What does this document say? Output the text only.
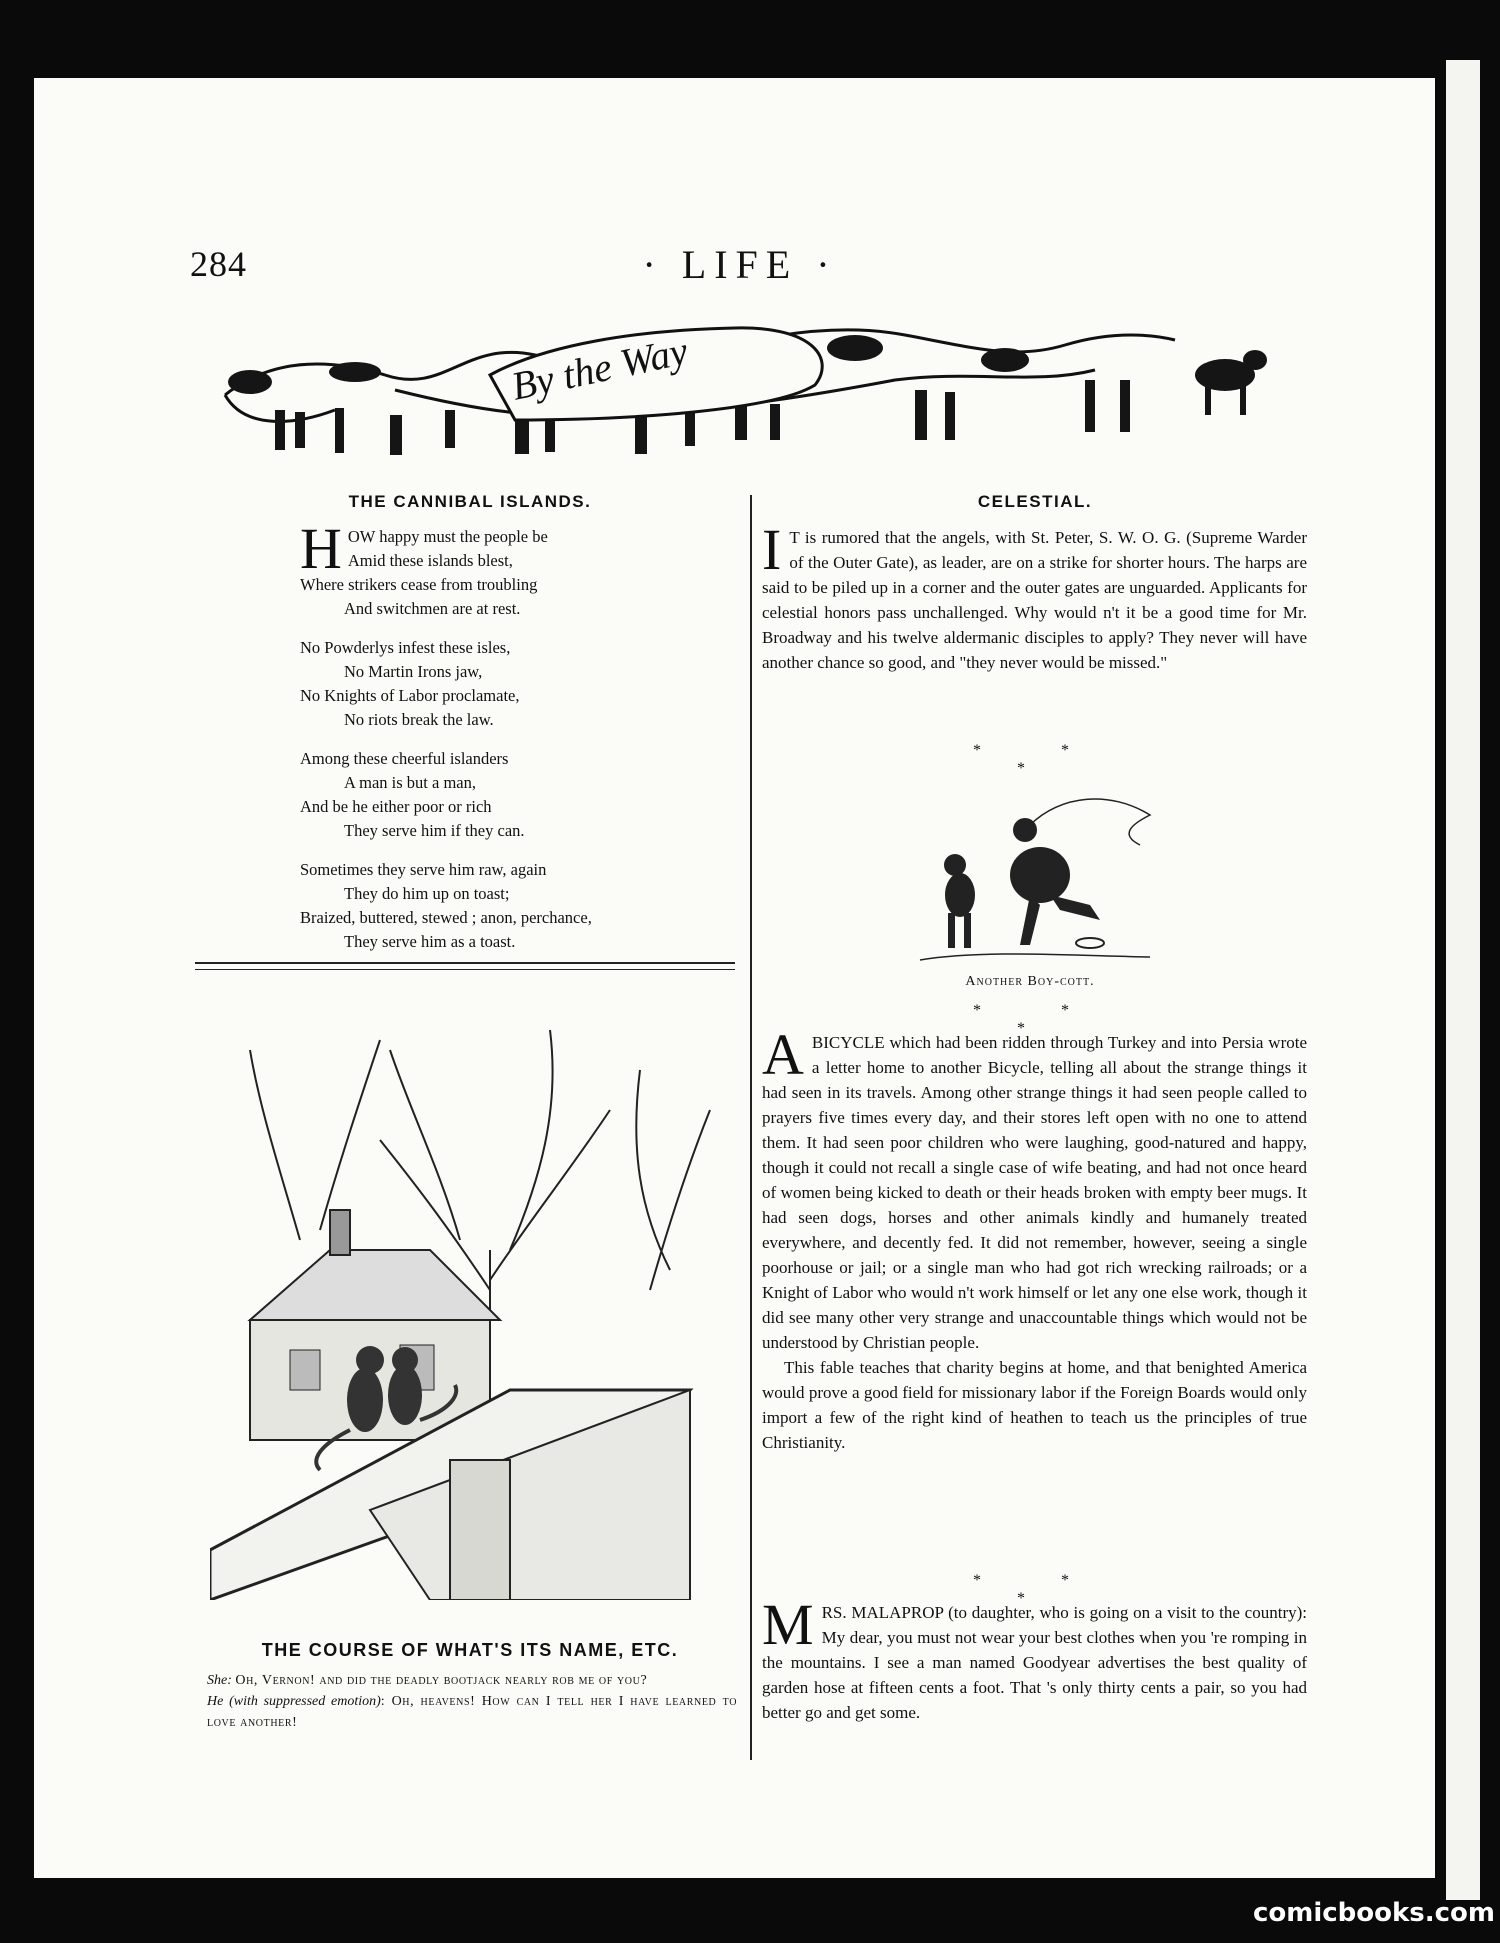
284	· LIFE ·
By the Way
THE CANNIBAL ISLANDS.
H OW happy must the people be
Amid these islands blest,
Where strikers cease from troubling
And switchmen are at rest.
No Powderlys infest these isles,
No Martin Irons jaw,
No Knights of Labor proclamate,
No riots break the law.
Among these cheerful islanders
A man is but a man,
And be he either poor or rich
They serve him if they can.
Sometimes they serve him raw, again
They do him up on toast;
Braized, buttered, stewed ; anon, perchance,
They serve him as a toast.
THE COURSE OF WHAT'S ITS NAME, ETC.
She: Oh, Vernon! and did the deadly bootjack nearly rob me of you?
He (with suppressed emotion): Oh, heavens! How can I tell her I have learned to love another!
CELESTIAL.

I T is rumored that the angels, with St. Peter, S. W. O. G. (Supreme Warder of the Outer Gate), as leader, are on a strike for shorter hours. The harps are said to be piled up in a corner and the outer gates are unguarded. Applicants for celestial honors pass unchallenged. Why would n't it be a good time for Mr. Broadway and his twelve aldermanic disciples to apply? They never will have another chance so good, and "they never would be missed."

* * *
Another Boy-cott.
* * *

ABICYCLE which had been ridden through Turkey and into Persia wrote a letter home to another Bicycle, telling all about the strange things it had seen in its travels. Among other strange things it had seen people called to prayers five times every day, and their stores left open with no one to attend them. It had seen poor children who were laughing, good-natured and happy, though it could not recall a single case of wife beating, and had not once heard of women being kicked to death or their heads broken with empty beer mugs. It had seen dogs, horses and other animals kindly and humanely treated everywhere, and decently fed. It did not remember, however, seeing a single poorhouse or jail; or a single man who had got rich wrecking railroads; or a Knight of Labor who would n't work himself or let any one else work, though it did see many other very strange and unaccountable things which would not be understood by Christian people.

This fable teaches that charity begins at home, and that benighted America would prove a good field for missionary labor if the Foreign Boards would only import a few of the right kind of heathen to teach us the principles of true Christianity.

* * *

MRS. MALAPROP (to daughter, who is going on a visit to the country): My dear, you must not wear your best clothes when you 're romping in the mountains. I see a man named Goodyear advertises the best quality of garden hose at fifteen cents a foot. That 's only thirty cents a pair, so you had better go and get some.

comicbooks.com
